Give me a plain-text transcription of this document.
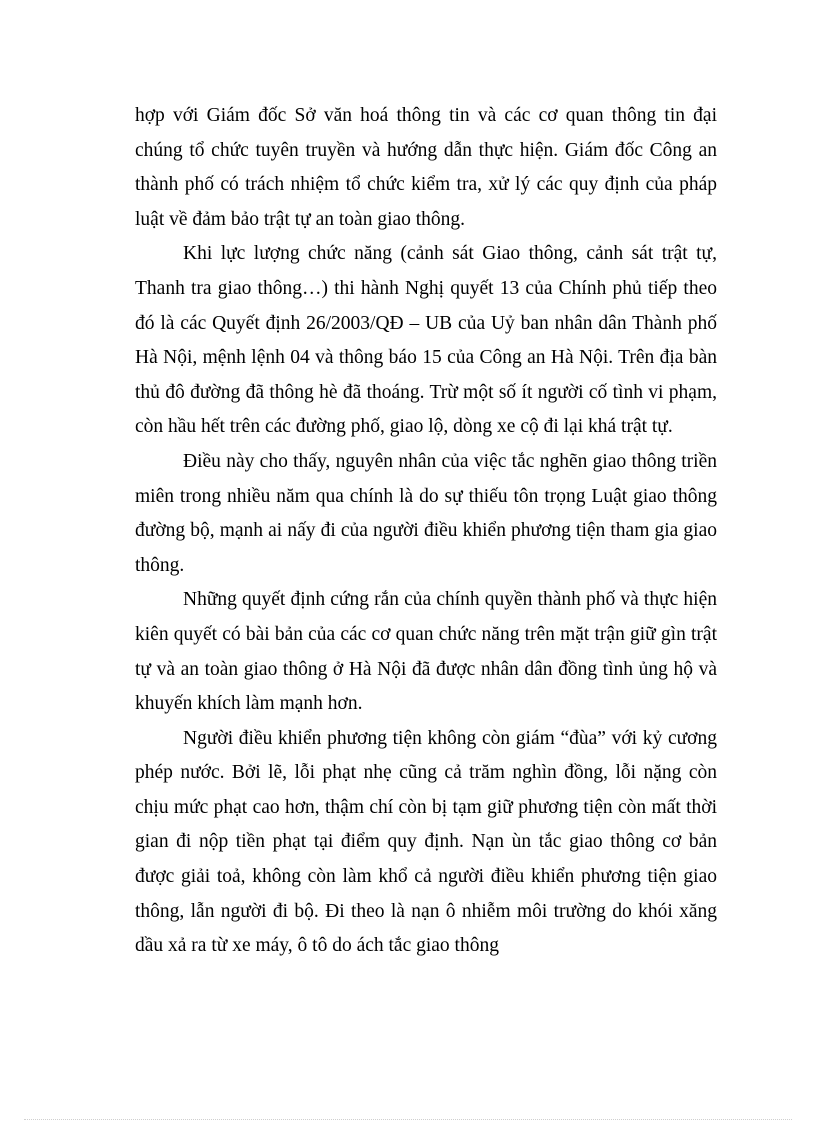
hợp với Giám đốc Sở văn hoá thông tin và các cơ quan thông tin đại chúng tổ chức tuyên truyền và hướng dẫn thực hiện. Giám đốc Công an thành phố có trách nhiệm tổ chức kiểm tra, xử lý các quy định của pháp luật về đảm bảo trật tự an toàn giao thông.

Khi lực lượng chức năng (cảnh sát Giao thông, cảnh sát trật tự, Thanh tra giao thông…) thi hành Nghị quyết 13 của Chính phủ tiếp theo đó là các Quyết định 26/2003/QĐ – UB của Uỷ ban nhân dân Thành phố Hà Nội, mệnh lệnh 04 và thông báo 15 của Công an Hà Nội. Trên địa bàn thủ đô đường đã thông hè đã thoáng. Trừ một số ít người cố tình vi phạm, còn hầu hết trên các đường phố, giao lộ, dòng xe cộ đi lại khá trật tự.

Điều này cho thấy, nguyên nhân của việc tắc nghẽn giao thông triền miên trong nhiều năm qua chính là do sự thiếu tôn trọng Luật giao thông đường bộ, mạnh ai nấy đi của người điều khiển phương tiện tham gia giao thông.

Những quyết định cứng rắn của chính quyền thành phố và thực hiện kiên quyết có bài bản của các cơ quan chức năng trên mặt trận giữ gìn trật tự và an toàn giao thông ở Hà Nội đã được nhân dân đồng tình ủng hộ và khuyến khích làm mạnh hơn.

Người điều khiển phương tiện không còn giám “đùa” với kỷ cương phép nước. Bởi lẽ, lỗi phạt nhẹ cũng cả trăm nghìn đồng, lỗi nặng còn chịu mức phạt cao hơn, thậm chí còn bị tạm giữ phương tiện còn mất thời gian đi nộp tiền phạt tại điểm quy định. Nạn ùn tắc giao thông cơ bản được giải toả, không còn làm khổ cả người điều khiển phương tiện giao thông, lẫn người đi bộ. Đi theo là nạn ô nhiễm môi trường do khói xăng dầu xả ra từ xe máy, ô tô do ách tắc giao thông
